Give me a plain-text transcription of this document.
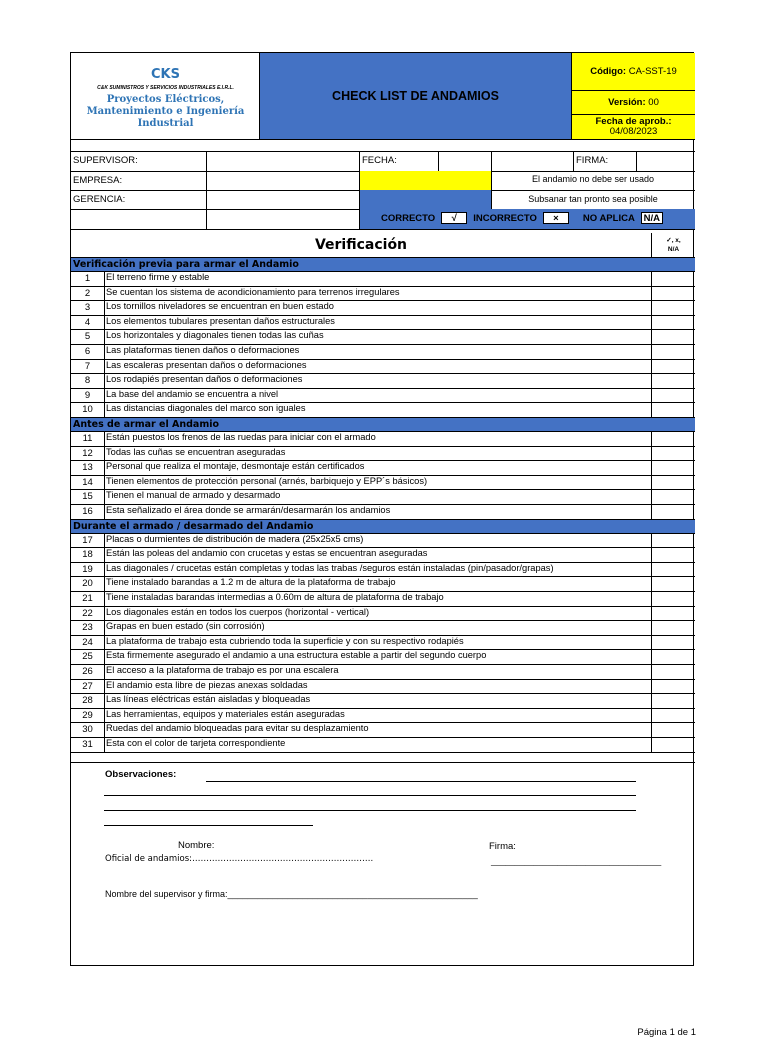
CKS
C&K SUMINISTROS Y SERVICIOS INDUSTRIALES E.I.R.L.
Proyectos Eléctricos,
Mantenimiento e Ingeniería
Industrial
CHECK LIST DE ANDAMIOS
Código: CA-SST-19
Versión: 00
Fecha de aprob.:
04/08/2023
SUPERVISOR:
EMPRESA:
GERENCIA:
FECHA:	FIRMA:
El andamio no debe ser usado
Subsanar tan pronto sea posible
CORRECTO	√	INCORRECTO	×	NO APLICA N/A
Verificación	✓, x,
N/A
Verificación previa para armar el Andamio
1	El terreno firme y estable
2	Se cuentan los sistema de acondicionamiento para terrenos irregulares
3	Los tornillos niveladores se encuentran en buen estado
4	Los elementos tubulares presentan daños estructurales
5	Los horizontales y diagonales tienen todas las cuñas
6	Las plataformas tienen daños o deformaciones
7	Las escaleras presentan daños o deformaciones
8	Los rodapiés presentan daños o deformaciones
9	La base del andamio se encuentra a nivel
10	Las distancias diagonales del marco son iguales
Antes de armar el Andamio
11	Están puestos los frenos de las ruedas para iniciar con el armado
12	Todas las cuñas se encuentran aseguradas
13	Personal que realiza el montaje, desmontaje están certificados
14	Tienen elementos de protección personal (arnés, barbiquejo y EPP´s básicos)
15	Tienen el manual de armado y desarmado
16	Esta señalizado el área donde se armarán/desarmarán los andamios
Durante el armado / desarmado del Andamio
17	Placas o durmientes de distribución de madera (25x25x5 cms)
18	Están las poleas del andamio con crucetas y estas se encuentran aseguradas
19	Las diagonales / crucetas están completas y todas las trabas /seguros están instaladas (pin/pasador/grapas)
20	Tiene instalado barandas a 1.2 m de altura de la plataforma de trabajo
21	Tiene instaladas barandas intermedias a 0.60m de altura de plataforma de trabajo
22	Los diagonales están en todos los cuerpos (horizontal - vertical)
23	Grapas en buen estado (sin corrosión)
24	La plataforma de trabajo esta cubriendo toda la superficie y con su respectivo rodapiés
25	Esta firmemente asegurado el andamio a una estructura estable a partir del segundo cuerpo
26	El acceso a la plataforma de trabajo es por una escalera
27	El andamio esta libre de piezas anexas soldadas
28	Las líneas eléctricas están aisladas y bloqueadas
29	Las herramientas, equipos y materiales están aseguradas
30	Ruedas del andamio bloqueadas para evitar su desplazamiento
31	Esta con el color de tarjeta correspondiente
Observaciones:
Nombre:	Firma:
Oficial de andamios:……………………………………………………….	____________________________________
Nombre del supervisor y firma:__________________________________________________
Página 1 de 1
